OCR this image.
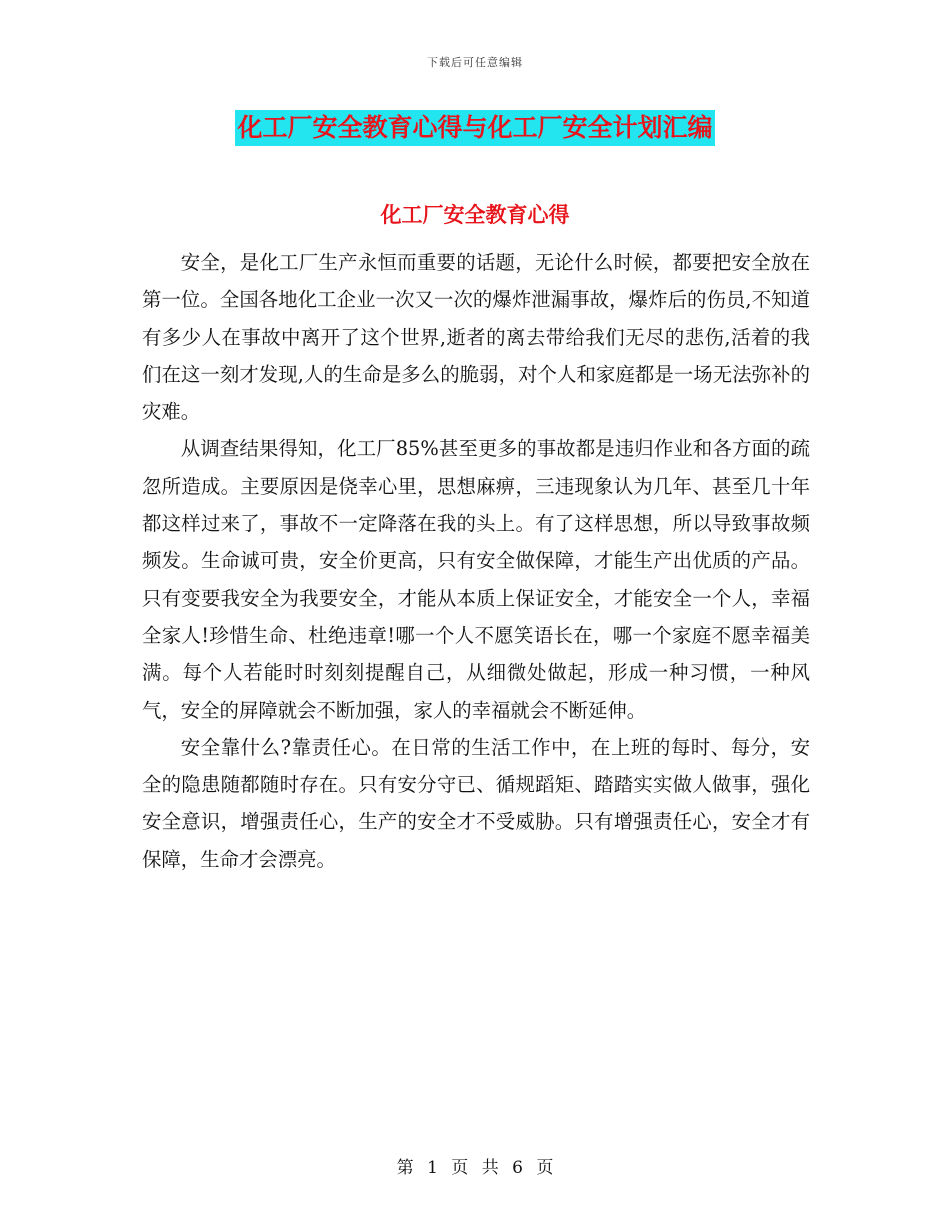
下载后可任意编辑
化工厂安全教育心得与化工厂安全计划汇编
化工厂安全教育心得

安全，是化工厂生产永恒而重要的话题，无论什么时候，都要把安全放在第一位。全国各地化工企业一次又一次的爆炸泄漏事故，爆炸后的伤员,不知道有多少人在事故中离开了这个世界,逝者的离去带给我们无尽的悲伤,活着的我们在这一刻才发现,人的生命是多么的脆弱，对个人和家庭都是一场无法弥补的灾难。

从调查结果得知，化工厂85%甚至更多的事故都是违归作业和各方面的疏忽所造成。主要原因是侥幸心里，思想麻痹，三违现象认为几年、甚至几十年都这样过来了，事故不一定降落在我的头上。有了这样思想，所以导致事故频频发。生命诚可贵，安全价更高，只有安全做保障，才能生产出优质的产品。只有变要我安全为我要安全，才能从本质上保证安全，才能安全一个人，幸福全家人!珍惜生命、杜绝违章!哪一个人不愿笑语长在，哪一个家庭不愿幸福美满。每个人若能时时刻刻提醒自己，从细微处做起，形成一种习惯，一种风气，安全的屏障就会不断加强，家人的幸福就会不断延伸。

安全靠什么?靠责任心。在日常的生活工作中，在上班的每时、每分，安全的隐患随都随时存在。只有安分守已、循规蹈矩、踏踏实实做人做事，强化安全意识，增强责任心，生产的安全才不受威胁。只有增强责任心，安全才有保障，生命才会漂亮。

第 1 页 共 6 页
